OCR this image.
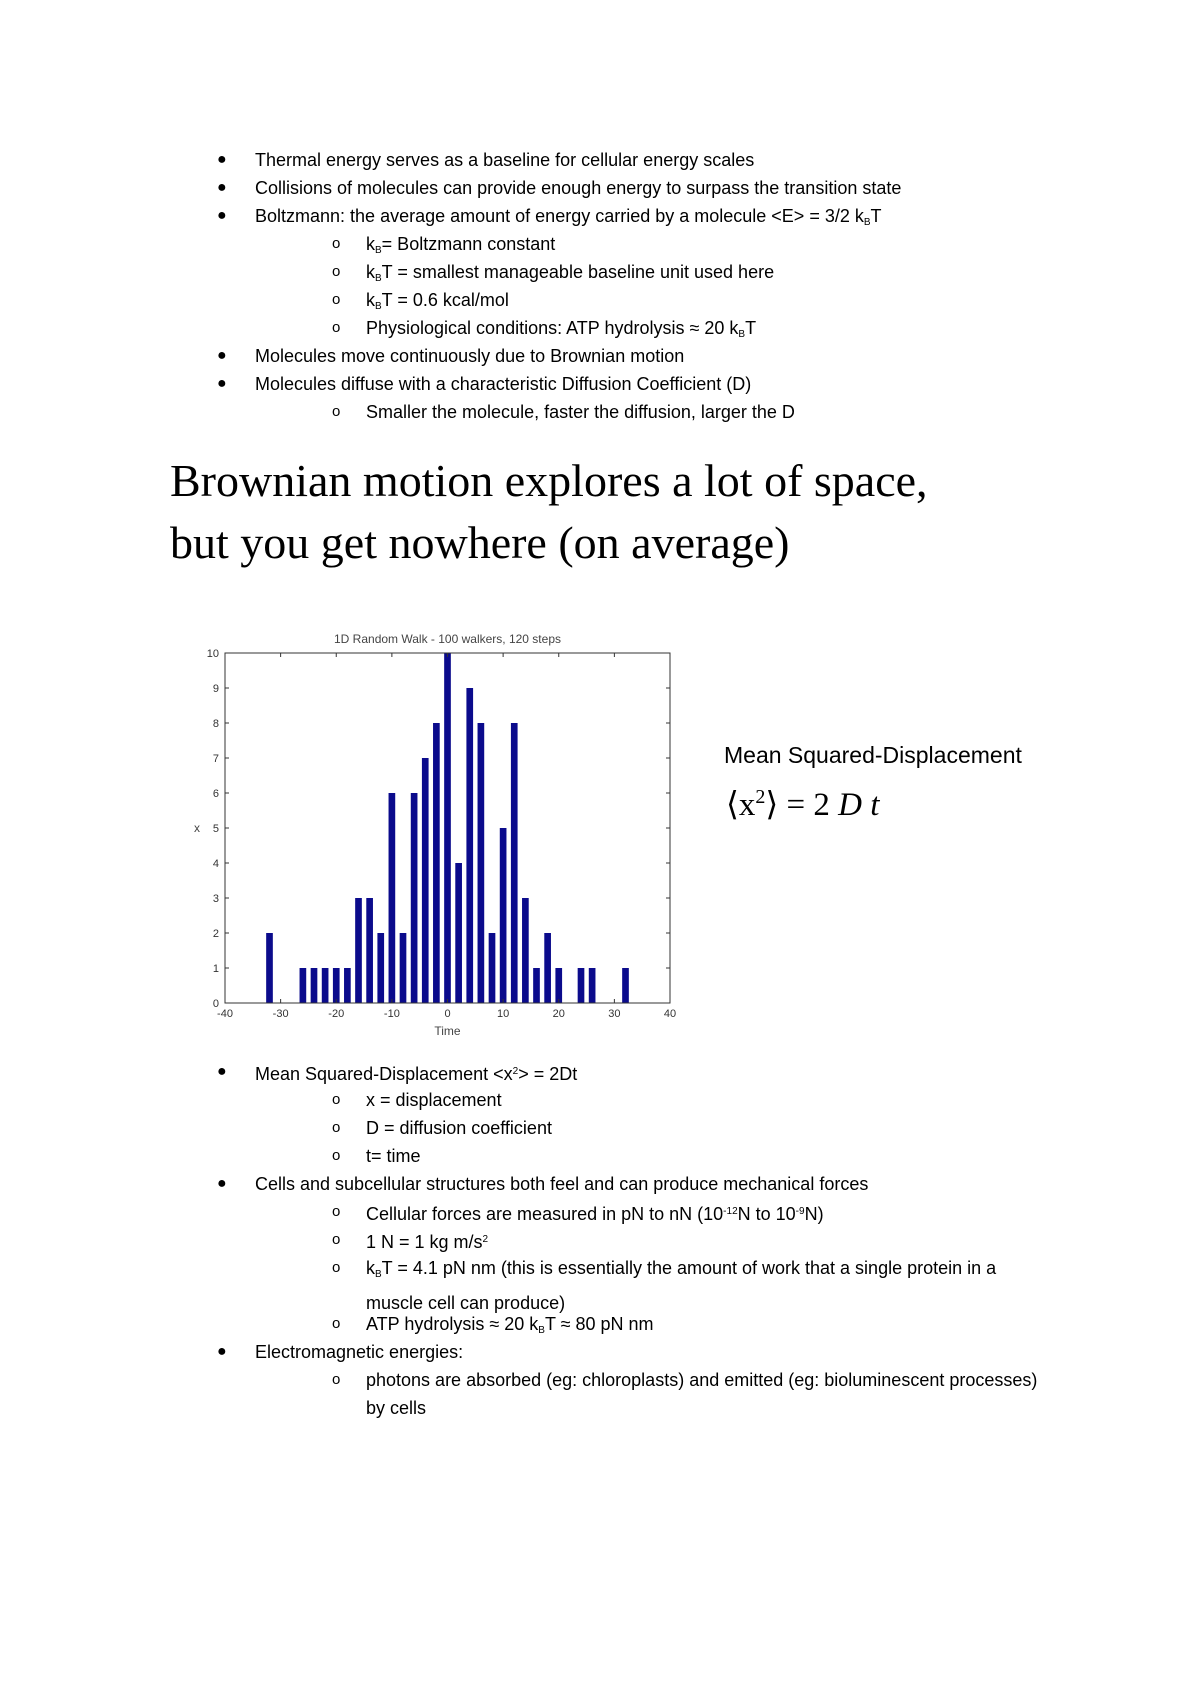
● Thermal energy serves as a baseline for cellular energy scales
● Collisions of molecules can provide enough energy to surpass the transition state
● Boltzmann: the average amount of energy carried by a molecule <E> = 3/2 $k_BT$
o $k_B=$ Boltzmann constant
o $k_BT$ = smallest manageable baseline unit used here
o $k_BT = 0.6$ kcal/mol
o Physiological conditions: ATP hydrolysis ≈ 20 $k_BT$
● Molecules move continuously due to Brownian motion
● Molecules diffuse with a characteristic Diffusion Coefficient (D)
o Smaller the molecule, faster the diffusion, larger the D
Brownian motion explores a lot of space,
but you get nowhere (on average)
-40	-30	-20	-10	0	10	20	30	40
0
1
2
3
4
5
6
7
8
9
10
1D Random Walk - 100 walkers, 120 steps
Time
x
Mean Squared-Displacement
$⟨x^2⟩ = 2$ D t
● Mean Squared-Displacement $<x^2> = 2Dt$
o x = displacement
o D = diffusion coefficient
o t= time
● Cells and subcellular structures both feel and can produce mechanical forces
o Cellular forces are measured in pN to nN ($10^{-12}N$ to $10^{-9}N$)
o 1 N = 1 kg $m/s^2$
o $k_BT = 4.1$ pN nm (this is essentially the amount of work that a single protein in a muscle cell can produce)
o ATP hydrolysis ≈ 20 $k_BT \approx 80$ pN nm
● Electromagnetic energies:
o photons are absorbed (eg: chloroplasts) and emitted (eg: bioluminescent processes) by cells
